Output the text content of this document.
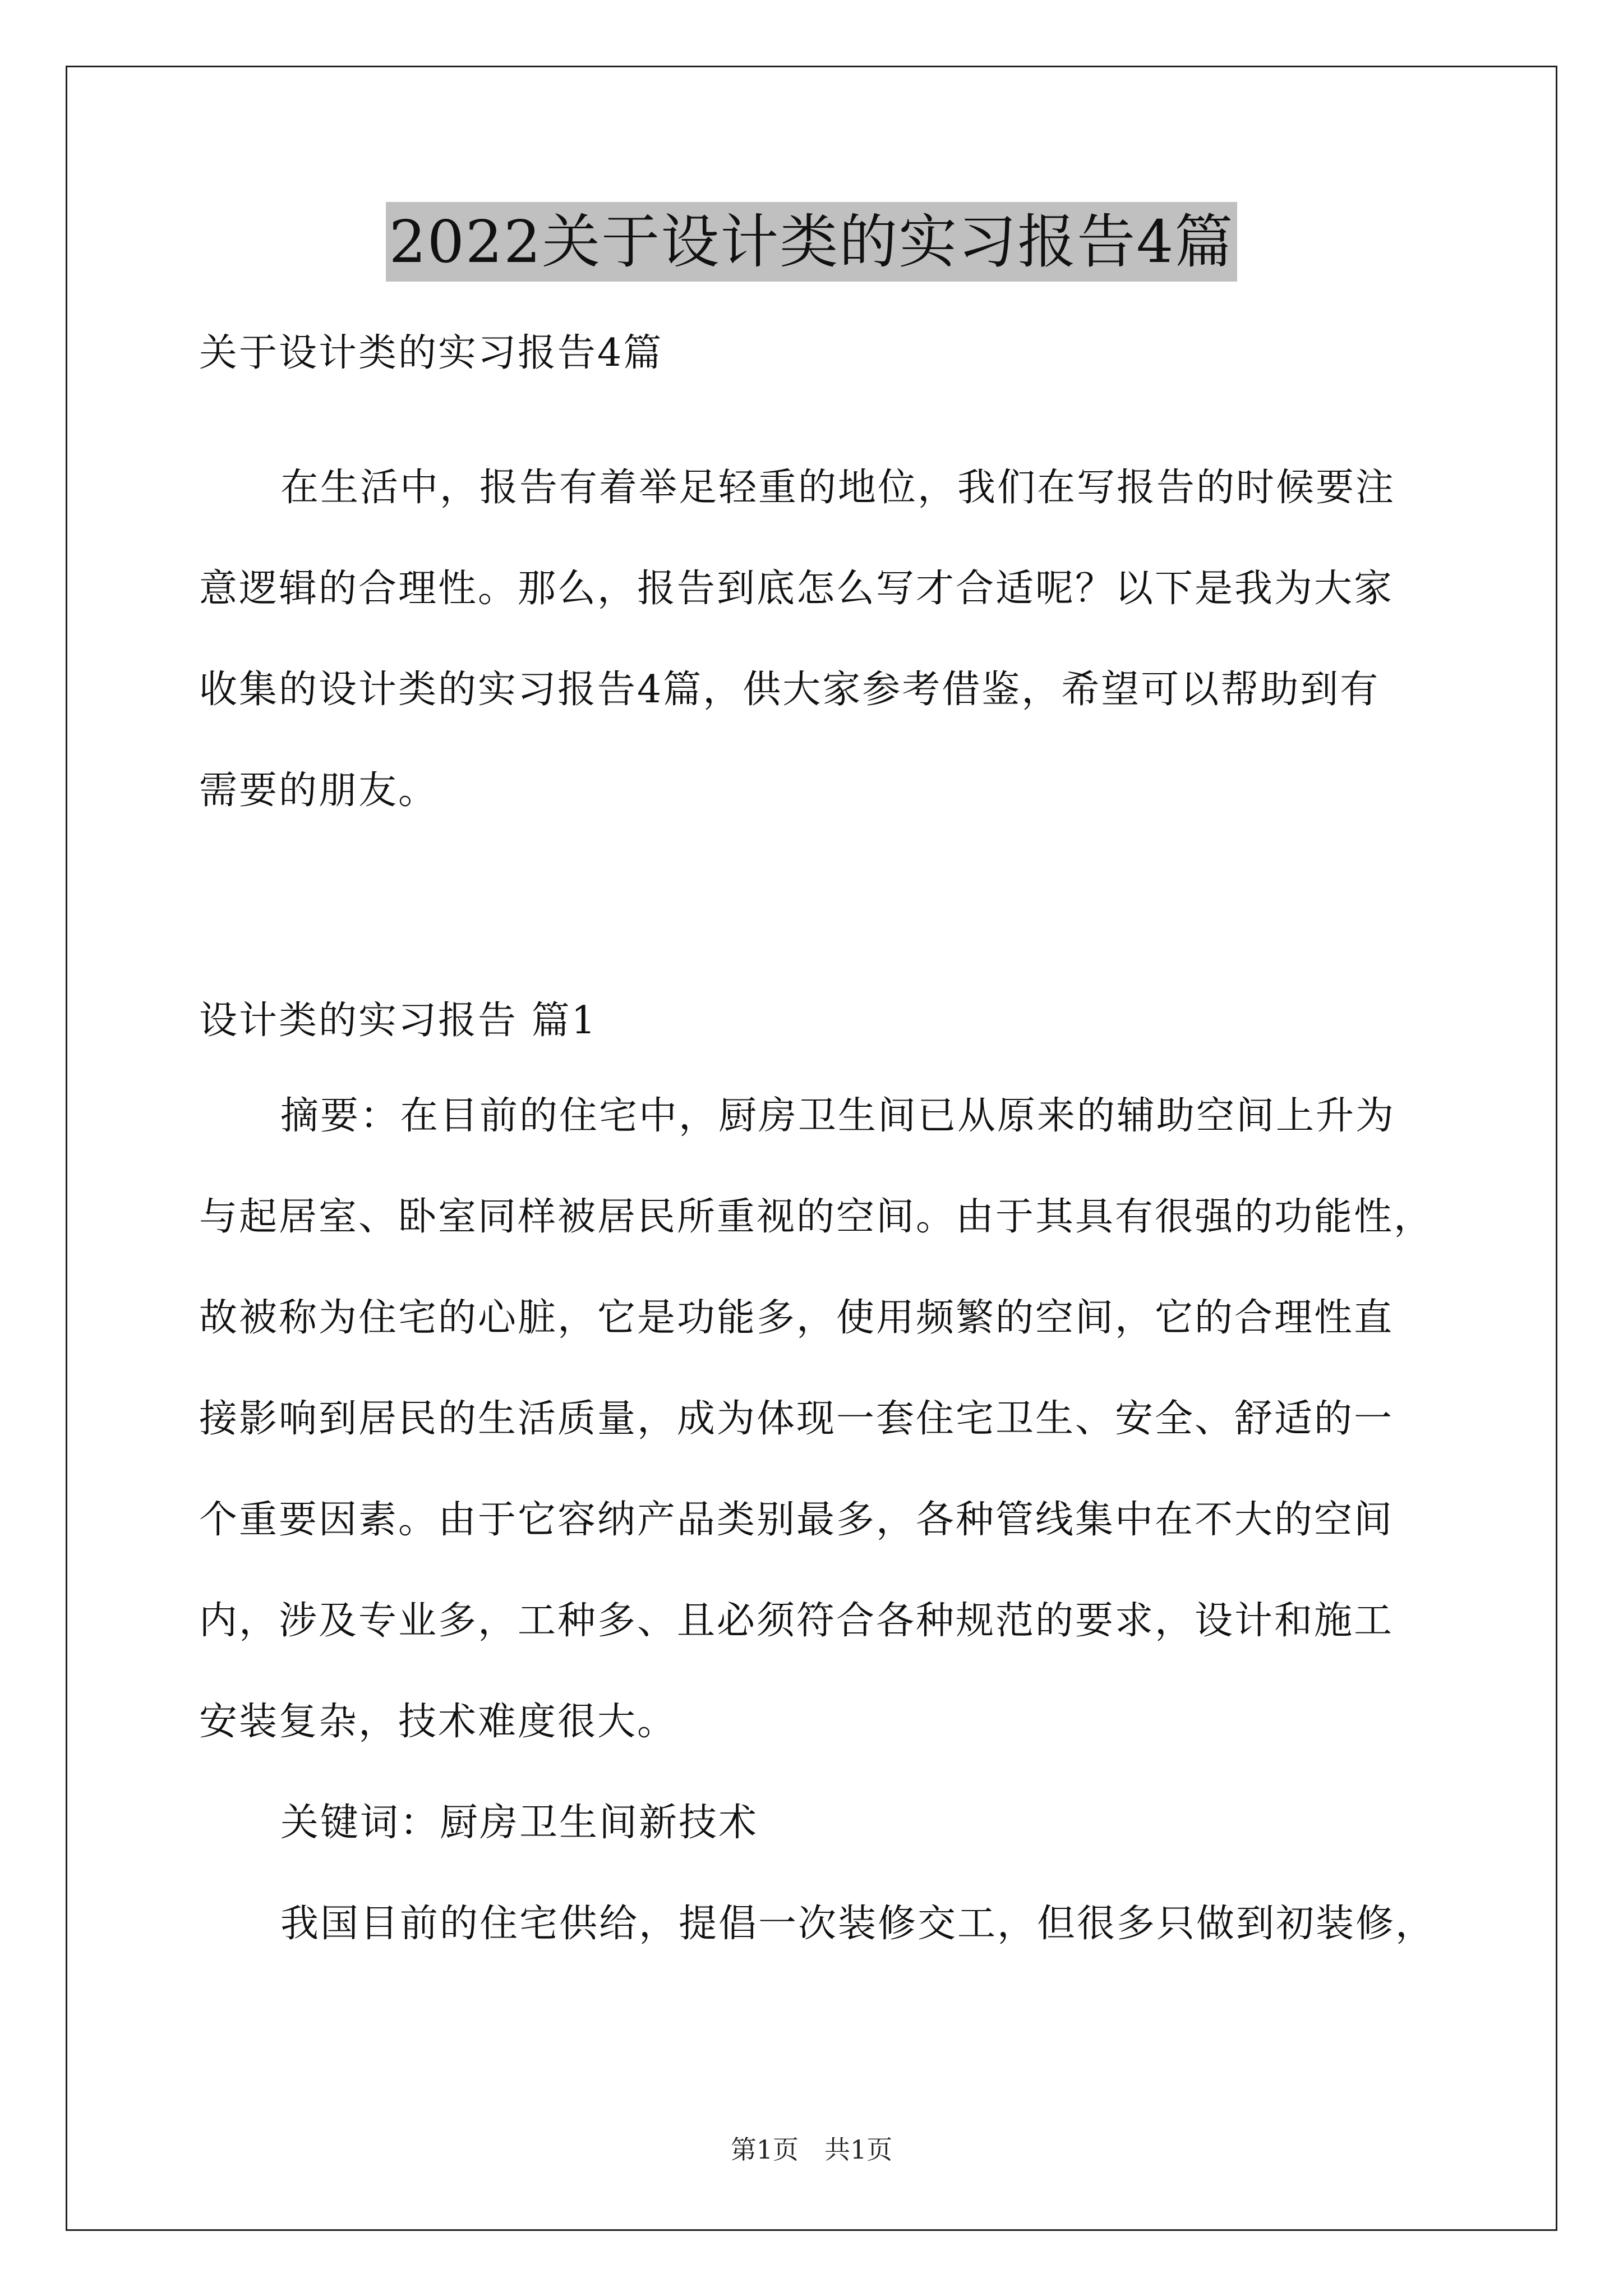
2022关于设计类的实习报告4篇
关于设计类的实习报告4篇
在生活中，报告有着举足轻重的地位，我们在写报告的时候要注
意逻辑的合理性。那么，报告到底怎么写才合适呢？以下是我为大家
收集的设计类的实习报告4篇，供大家参考借鉴，希望可以帮助到有
需要的朋友。
设计类的实习报告 篇1
摘要：在目前的住宅中，厨房卫生间已从原来的辅助空间上升为
与起居室、卧室同样被居民所重视的空间。由于其具有很强的功能性，
故被称为住宅的心脏，它是功能多，使用频繁的空间，它的合理性直
接影响到居民的生活质量，成为体现一套住宅卫生、安全、舒适的一
个重要因素。由于它容纳产品类别最多，各种管线集中在不大的空间
内，涉及专业多，工种多、且必须符合各种规范的要求，设计和施工
安装复杂，技术难度很大。
关键词：厨房卫生间新技术
我国目前的住宅供给，提倡一次装修交工，但很多只做到初装修，
第1页　共1页
